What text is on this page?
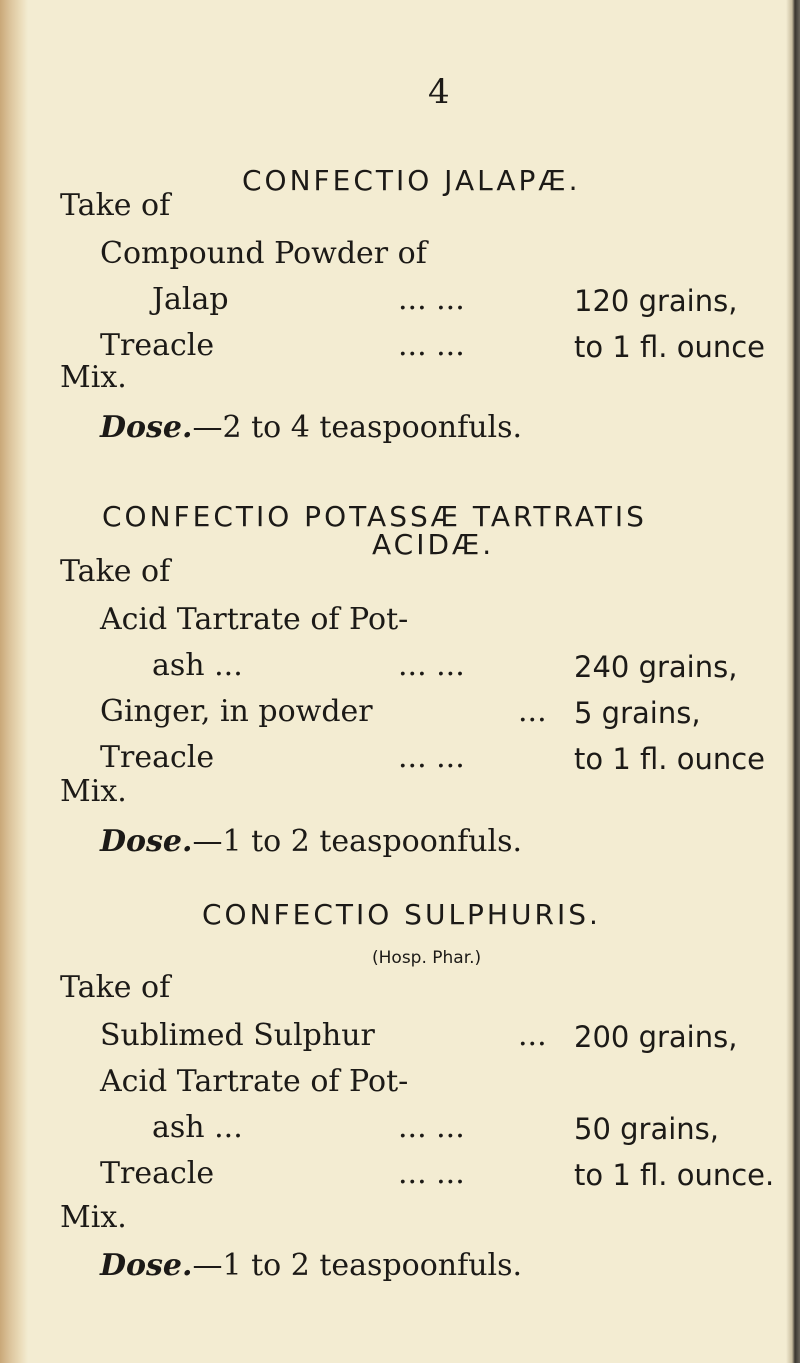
4
CONFECTIO JALAPÆ.
Take of
Compound Powder of
Jalap	... ...	120 grains,
Treacle	... ...	to 1 fl. ounce
Mix.
Dose.—2 to 4 teaspoonfuls.
CONFECTIO POTASSÆ TARTRATIS
ACIDÆ.
Take of
Acid Tartrate of Pot-
ash ...	... ...	240 grains,
Ginger, in powder	... 5 grains,
Treacle	... ...	to 1 fl. ounce
Mix.
Dose.—1 to 2 teaspoonfuls.
CONFECTIO SULPHURIS.
(Hosp. Phar.)
Take of
Sublimed Sulphur	... 200 grains,
Acid Tartrate of Pot-
ash ...	... ...	50 grains,
Treacle	... ...	to 1 fl. ounce.
Mix.
Dose.—1 to 2 teaspoonfuls.
